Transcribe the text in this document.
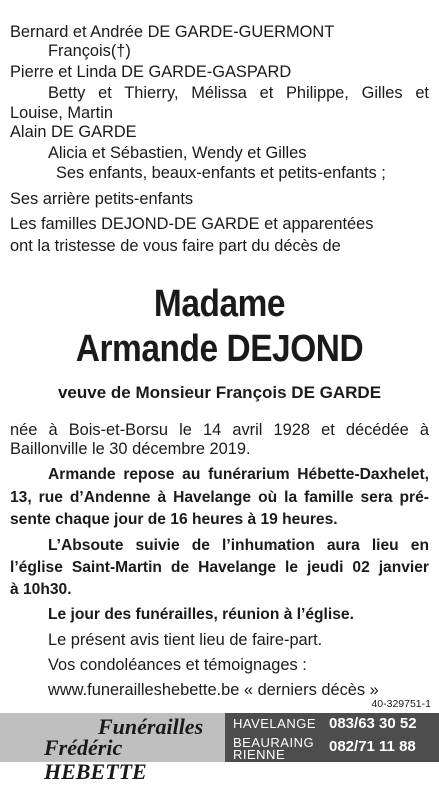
Bernard et Andrée DE GARDE-GUERMONT
François(†)
Pierre et Linda DE GARDE-GASPARD
Betty et Thierry, Mélissa et Philippe, Gilles et
Louise, Martin
Alain DE GARDE
Alicia et Sébastien, Wendy et Gilles
Ses enfants, beaux-enfants et petits-enfants ;
Ses arrière petits-enfants
Les familles DEJOND-DE GARDE et apparentées
ont la tristesse de vous faire part du décès de
Madame
Armande DEJOND
veuve de Monsieur François DE GARDE
née à Bois-et-Borsu le 14 avril 1928 et décédée à
Baillonville le 30 décembre 2019.
Armande repose au funérarium Hébette-Daxhelet,
13, rue d’Andenne à Havelange où la famille sera pré-
sente chaque jour de 16 heures à 19 heures.
L’Absoute suivie de l’inhumation aura lieu en
l’église Saint-Martin de Havelange le jeudi 02 janvier
à 10h30.
Le jour des funérailles, réunion à l’église.
Le présent avis tient lieu de faire-part.
Vos condoléances et témoignages :
www.funerailleshebette.be « derniers décès »
40-329751-1
Funérailles
Frédéric HEBETTE
HAVELANGE 083/63 30 52
BEAURAING
RIENNE	082/71 11 88
